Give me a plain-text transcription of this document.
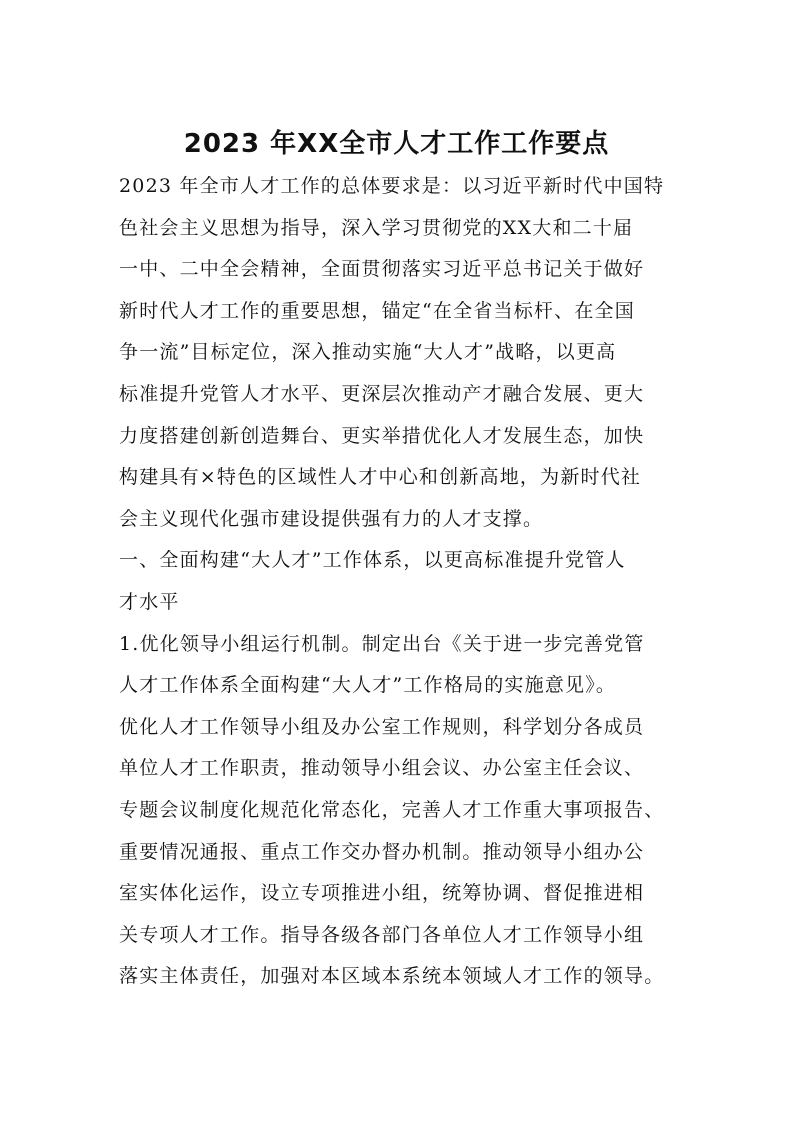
2023 年XX全市人才工作工作要点
2023 年全市人才工作的总体要求是：以习近平新时代中国特
色社会主义思想为指导，深入学习贯彻党的XX大和二十届
一中、二中全会精神，全面贯彻落实习近平总书记关于做好
新时代人才工作的重要思想，锚定“在全省当标杆、在全国
争一流”目标定位，深入推动实施“大人才”战略，以更高
标准提升党管人才水平、更深层次推动产才融合发展、更大
力度搭建创新创造舞台、更实举措优化人才发展生态，加快
构建具有×特色的区域性人才中心和创新高地，为新时代社
会主义现代化强市建设提供强有力的人才支撑。
一、全面构建“大人才”工作体系，以更高标准提升党管人
才水平
1.优化领导小组运行机制。制定出台《关于进一步完善党管
人才工作体系全面构建“大人才”工作格局的实施意见》。
优化人才工作领导小组及办公室工作规则，科学划分各成员
单位人才工作职责，推动领导小组会议、办公室主任会议、
专题会议制度化规范化常态化，完善人才工作重大事项报告、
重要情况通报、重点工作交办督办机制。推动领导小组办公
室实体化运作，设立专项推进小组，统筹协调、督促推进相
关专项人才工作。指导各级各部门各单位人才工作领导小组
落实主体责任，加强对本区域本系统本领域人才工作的领导。
